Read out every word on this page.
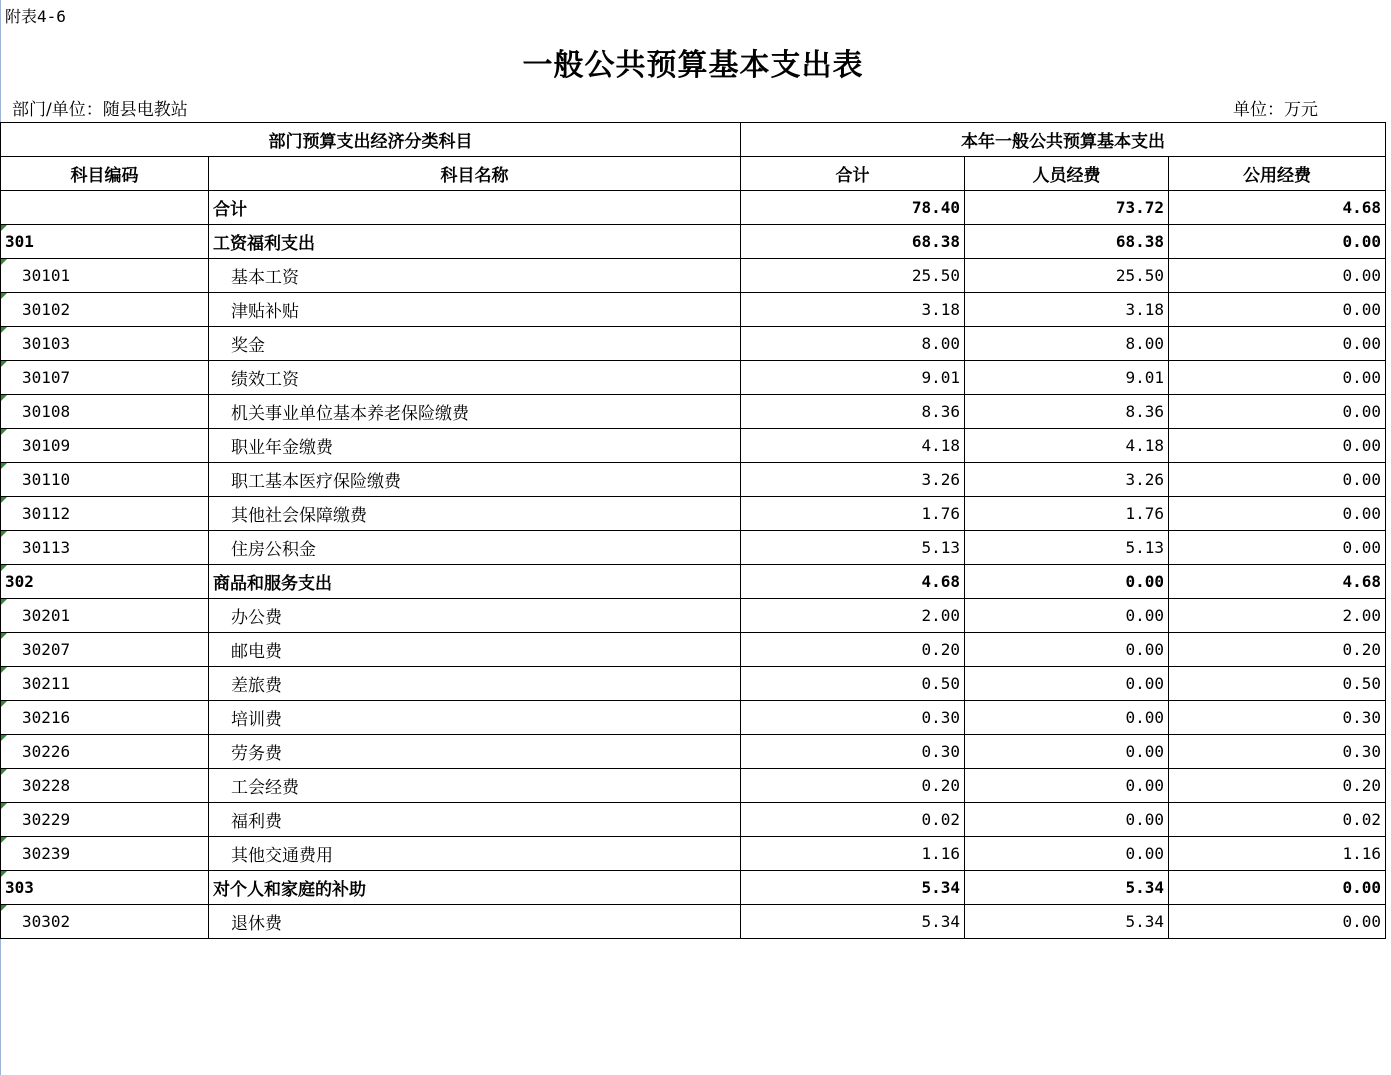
附表4-6
一般公共预算基本支出表
部门/单位：随县电教站	单位：万元
部门预算支出经济分类科目		本年一般公共预算基本支出		
科目编码	科目名称	合计	人员经费	公用经费
	合计	78.40	73.72	4.68

301	工资福利支出	68.38	68.38	0.00

30101	基本工资	25.50	25.50	0.00

30102	津贴补贴	3.18	3.18	0.00

30103	奖金	8.00	8.00	0.00

30107	绩效工资	9.01	9.01	0.00

30108	机关事业单位基本养老保险缴费	8.36	8.36	0.00

30109	职业年金缴费	4.18	4.18	0.00

30110	职工基本医疗保险缴费	3.26	3.26	0.00

30112	其他社会保障缴费	1.76	1.76	0.00

30113	住房公积金	5.13	5.13	0.00

302	商品和服务支出	4.68	0.00	4.68

30201	办公费	2.00	0.00	2.00

30207	邮电费	0.20	0.00	0.20

30211	差旅费	0.50	0.00	0.50

30216	培训费	0.30	0.00	0.30

30226	劳务费	0.30	0.00	0.30

30228	工会经费	0.20	0.00	0.20

30229	福利费	0.02	0.00	0.02

30239	其他交通费用	1.16	0.00	1.16

303	对个人和家庭的补助	5.34	5.34	0.00

30302	退休费	5.34	5.34	0.00
